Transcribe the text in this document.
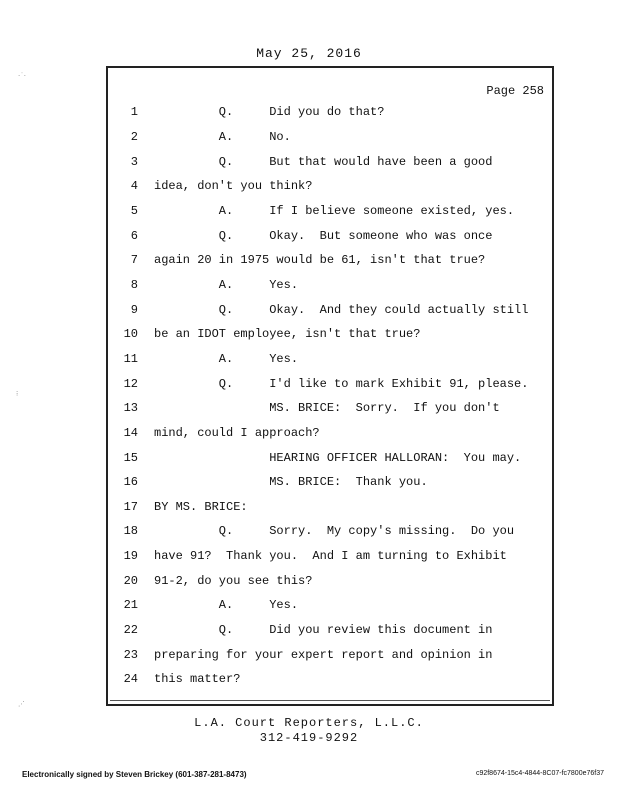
May 25, 2016
Page 258
1 Q.     Did you do that?
2 A.     No.
3 Q.     But that would have been a good
4 idea, don't you think?
5 A.     If I believe someone existed, yes.
6 Q.     Okay.  But someone who was once
7 again 20 in 1975 would be 61, isn't that true?
8 A.     Yes.
9 Q.     Okay.  And they could actually still
10 be an IDOT employee, isn't that true?
11 A.     Yes.
12 Q.     I'd like to mark Exhibit 91, please.
13 MS. BRICE:  Sorry.  If you don't
14 mind, could I approach?
15 HEARING OFFICER HALLORAN:  You may.
16 MS. BRICE:  Thank you.
17 BY MS. BRICE:
18 Q.     Sorry.  My copy's missing.  Do you
19 have 91?  Thank you.  And I am turning to Exhibit
20 91-2, do you see this?
21 A.     Yes.
22 Q.     Did you review this document in
23 preparing for your expert report and opinion in
24 this matter?
L.A. Court Reporters, L.L.C.
312-419-9292
Electronically signed by Steven Brickey (601-387-281-8473)	c92f8674-15c4-4844-8C07-fc7800e76f37
·˙·
⁝
⋰
